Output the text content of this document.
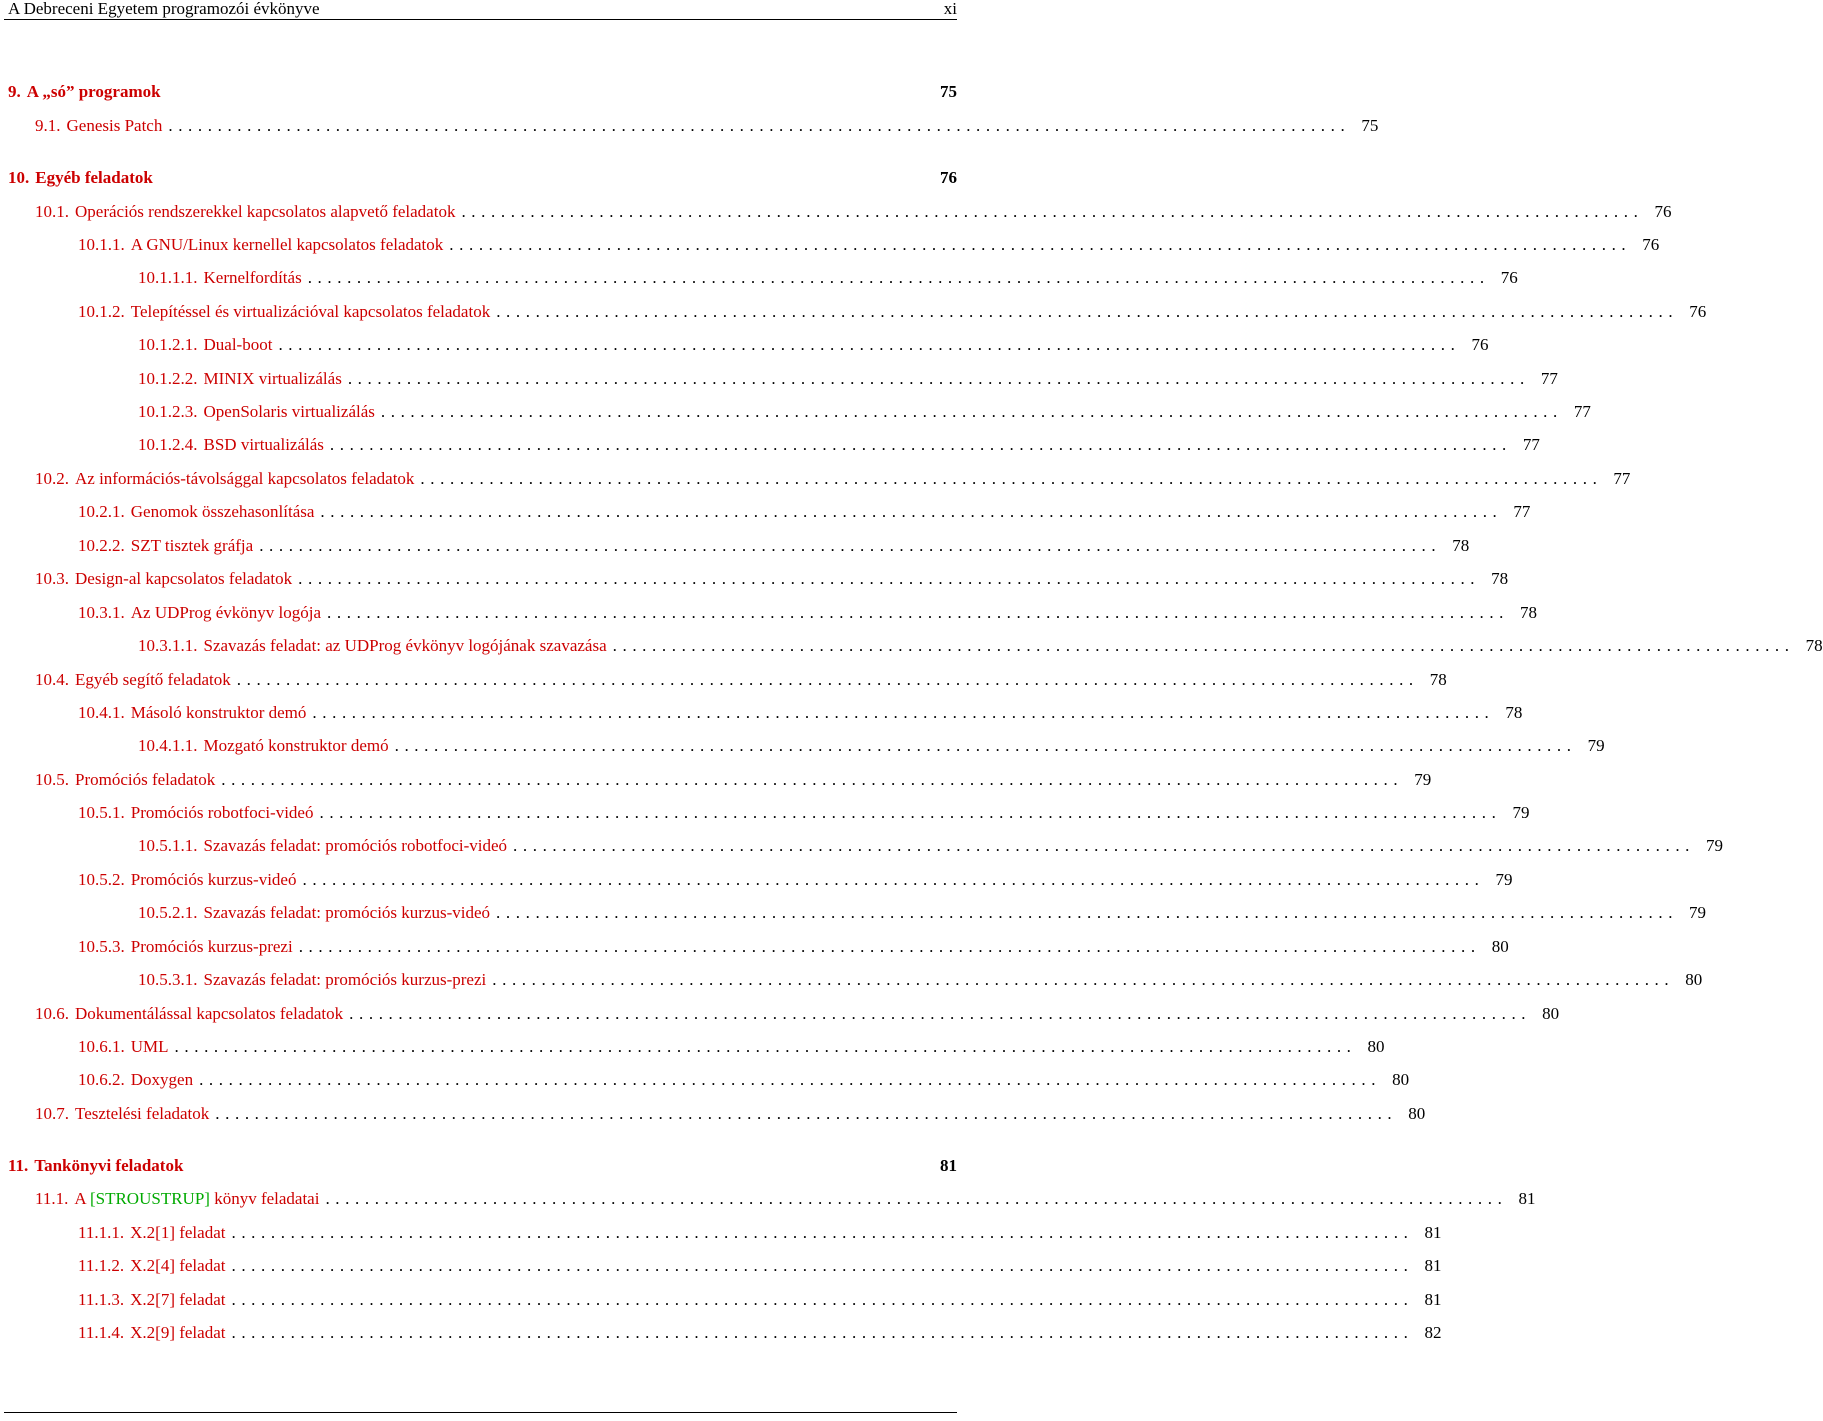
A Debreceni Egyetem programozói évkönyve	xi
9. A „só” programok	75
9.1. Genesis Patch ........................................................................................................................ 75
10. Egyéb feladatok	76
10.1. Operációs rendszerekkel kapcsolatos alapvető feladatok ........................................................................................................................ 76
10.1.1. A GNU/Linux kernellel kapcsolatos feladatok ........................................................................................................................ 76
10.1.1.1. Kernelfordítás ........................................................................................................................ 76
10.1.2. Telepítéssel és virtualizációval kapcsolatos feladatok ........................................................................................................................ 76
10.1.2.1. Dual-boot ........................................................................................................................ 76
10.1.2.2. MINIX virtualizálás ........................................................................................................................ 77
10.1.2.3. OpenSolaris virtualizálás ........................................................................................................................ 77
10.1.2.4. BSD virtualizálás ........................................................................................................................ 77
10.2. Az információs-távolsággal kapcsolatos feladatok ........................................................................................................................ 77
10.2.1. Genomok összehasonlítása ........................................................................................................................ 77
10.2.2. SZT tisztek gráfja ........................................................................................................................ 78
10.3. Design-al kapcsolatos feladatok ........................................................................................................................ 78
10.3.1. Az UDProg évkönyv logója ........................................................................................................................ 78
10.3.1.1. Szavazás feladat: az UDProg évkönyv logójának szavazása ........................................................................................................................ 78
10.4. Egyéb segítő feladatok ........................................................................................................................ 78
10.4.1. Másoló konstruktor demó ........................................................................................................................ 78
10.4.1.1. Mozgató konstruktor demó ........................................................................................................................ 79
10.5. Promóciós feladatok ........................................................................................................................ 79
10.5.1. Promóciós robotfoci-videó ........................................................................................................................ 79
10.5.1.1. Szavazás feladat: promóciós robotfoci-videó ........................................................................................................................ 79
10.5.2. Promóciós kurzus-videó ........................................................................................................................ 79
10.5.2.1. Szavazás feladat: promóciós kurzus-videó ........................................................................................................................ 79
10.5.3. Promóciós kurzus-prezi ........................................................................................................................ 80
10.5.3.1. Szavazás feladat: promóciós kurzus-prezi ........................................................................................................................ 80
10.6. Dokumentálással kapcsolatos feladatok ........................................................................................................................ 80
10.6.1. UML ........................................................................................................................ 80
10.6.2. Doxygen ........................................................................................................................ 80
10.7. Tesztelési feladatok ........................................................................................................................ 80
11. Tankönyvi feladatok	81
11.1. A [STROUSTRUP] könyv feladatai ........................................................................................................................ 81
11.1.1. X.2[1] feladat ........................................................................................................................ 81
11.1.2. X.2[4] feladat ........................................................................................................................ 81
11.1.3. X.2[7] feladat ........................................................................................................................ 81
11.1.4. X.2[9] feladat ........................................................................................................................ 82
